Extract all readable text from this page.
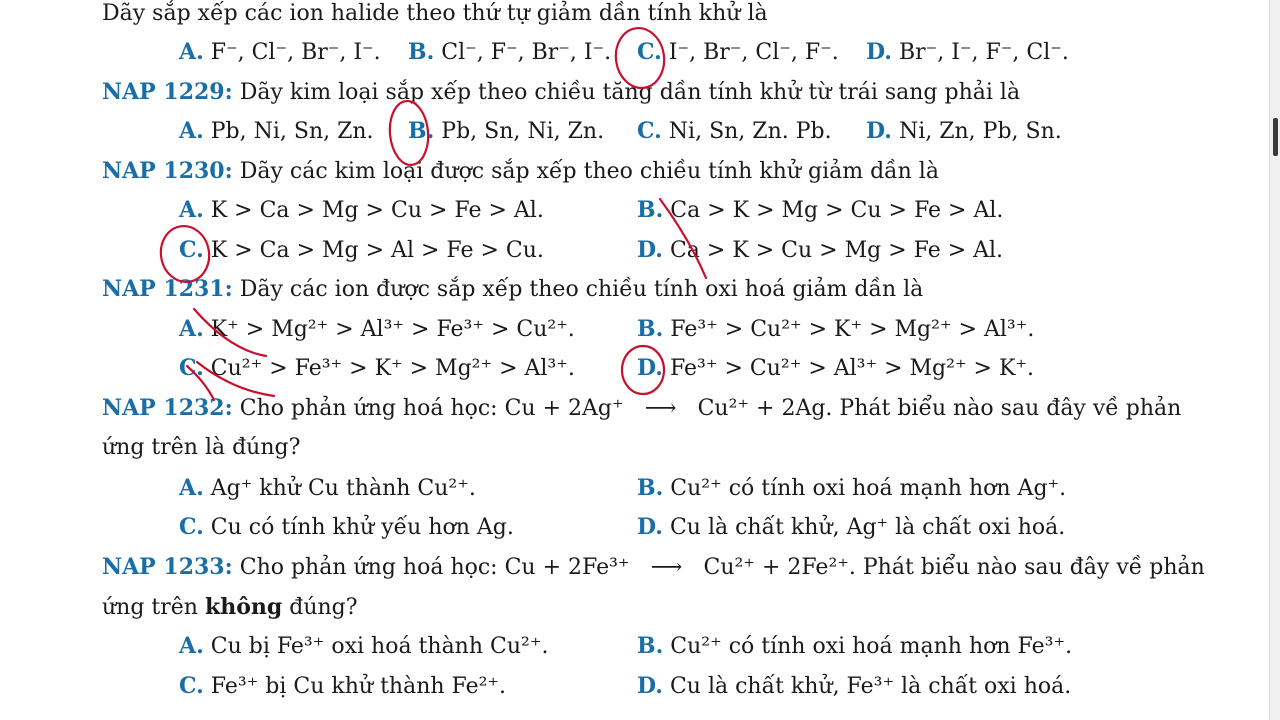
Dãy sắp xếp các ion halide theo thứ tự giảm dần tính khử là
A. F⁻, Cl⁻, Br⁻, I⁻. B. Cl⁻, F⁻, Br⁻, I⁻. C. I⁻, Br⁻, Cl⁻, F⁻. D. Br⁻, I⁻, F⁻, Cl⁻.
NAP 1229: Dãy kim loại sắp xếp theo chiều tăng dần tính khử từ trái sang phải là
A. Pb, Ni, Sn, Zn. B. Pb, Sn, Ni, Zn. C. Ni, Sn, Zn. Pb. D. Ni, Zn, Pb, Sn.
NAP 1230: Dãy các kim loại được sắp xếp theo chiều tính khử giảm dần là
A. K > Ca > Mg > Cu > Fe > Al.	B. Ca > K > Mg > Cu > Fe > Al.
C. K > Ca > Mg > Al > Fe > Cu.	D. Ca > K > Cu > Mg > Fe > Al.
NAP 1231: Dãy các ion được sắp xếp theo chiều tính oxi hoá giảm dần là
A. K⁺ > Mg²⁺ > Al³⁺ > Fe³⁺ > Cu²⁺.	B. Fe³⁺ > Cu²⁺ > K⁺ > Mg²⁺ > Al³⁺.
C. Cu²⁺ > Fe³⁺ > K⁺ > Mg²⁺ > Al³⁺.	D. Fe³⁺ > Cu²⁺ > Al³⁺ > Mg²⁺ > K⁺.
NAP 1232: Cho phản ứng hoá học: Cu + 2Ag⁺ ⟶ Cu²⁺ + 2Ag. Phát biểu nào sau đây về phản
ứng trên là đúng?
A. Ag⁺ khử Cu thành Cu²⁺.	B. Cu²⁺ có tính oxi hoá mạnh hơn Ag⁺.
C. Cu có tính khử yếu hơn Ag.	D. Cu là chất khử, Ag⁺ là chất oxi hoá.
NAP 1233: Cho phản ứng hoá học: Cu + 2Fe³⁺ ⟶ Cu²⁺ + 2Fe²⁺. Phát biểu nào sau đây về phản
ứng trên không đúng?
A. Cu bị Fe³⁺ oxi hoá thành Cu²⁺.	B. Cu²⁺ có tính oxi hoá mạnh hơn Fe³⁺.
C. Fe³⁺ bị Cu khử thành Fe²⁺.	D. Cu là chất khử, Fe³⁺ là chất oxi hoá.
